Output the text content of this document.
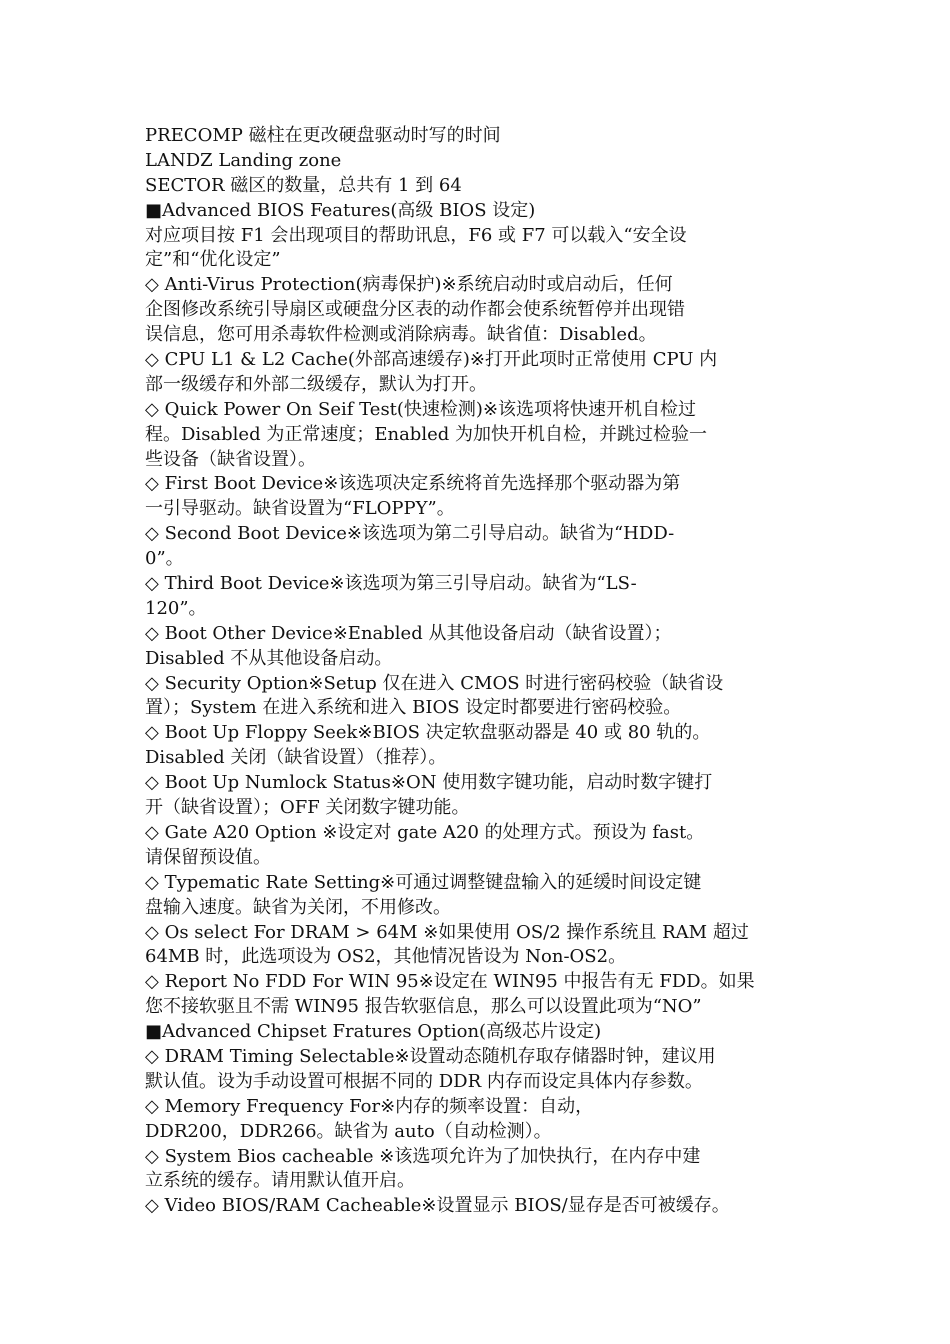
PRECOMP 磁柱在更改硬盘驱动时写的时间

LANDZ Landing zone

SECTOR 磁区的数量，总共有 1 到 64

■Advanced BIOS Features(高级 BIOS 设定)

对应项目按 F1 会出现项目的帮助讯息，F6 或 F7 可以载入“安全设

定”和“优化设定”

◇ Anti-Virus Protection(病毒保护)※系统启动时或启动后，任何

企图修改系统引导扇区或硬盘分区表的动作都会使系统暂停并出现错

误信息，您可用杀毒软件检测或消除病毒。缺省值：Disabled。

◇ CPU L1 & L2 Cache(外部高速缓存)※打开此项时正常使用 CPU 内

部一级缓存和外部二级缓存，默认为打开。

◇ Quick Power On Seif Test(快速检测)※该选项将快速开机自检过

程。Disabled 为正常速度；Enabled 为加快开机自检，并跳过检验一

些设备（缺省设置）。

◇ First Boot Device※该选项决定系统将首先选择那个驱动器为第

一引导驱动。缺省设置为“FLOPPY”。

◇ Second Boot Device※该选项为第二引导启动。缺省为“HDD-

0”。

◇ Third Boot Device※该选项为第三引导启动。缺省为“LS-

120”。

◇ Boot Other Device※Enabled 从其他设备启动（缺省设置）；

Disabled 不从其他设备启动。

◇ Security Option※Setup 仅在进入 CMOS 时进行密码校验（缺省设

置）；System 在进入系统和进入 BIOS 设定时都要进行密码校验。

◇ Boot Up Floppy Seek※BIOS 决定软盘驱动器是 40 或 80 轨的。

Disabled 关闭（缺省设置）（推荐）。

◇ Boot Up Numlock Status※ON 使用数字键功能，启动时数字键打

开（缺省设置）；OFF 关闭数字键功能。

◇ Gate A20 Option ※设定对 gate A20 的处理方式。预设为 fast。

请保留预设值。

◇ Typematic Rate Setting※可通过调整键盘输入的延缓时间设定键

盘输入速度。缺省为关闭，不用修改。

◇ Os select For DRAM > 64M ※如果使用 OS/2 操作系统且 RAM 超过

64MB 时，此选项设为 OS2，其他情况皆设为 Non-OS2。

◇ Report No FDD For WIN 95※设定在 WIN95 中报告有无 FDD。如果

您不接软驱且不需 WIN95 报告软驱信息，那么可以设置此项为“NO”

■Advanced Chipset Fratures Option(高级芯片设定)

◇ DRAM Timing Selectable※设置动态随机存取存储器时钟，建议用

默认值。设为手动设置可根据不同的 DDR 内存而设定具体内存参数。

◇ Memory Frequency For※内存的频率设置：自动，

DDR200，DDR266。缺省为 auto（自动检测）。

◇ System Bios cacheable ※该选项允许为了加快执行，在内存中建

立系统的缓存。请用默认值开启。

◇ Video BIOS/RAM Cacheable※设置显示 BIOS/显存是否可被缓存。
